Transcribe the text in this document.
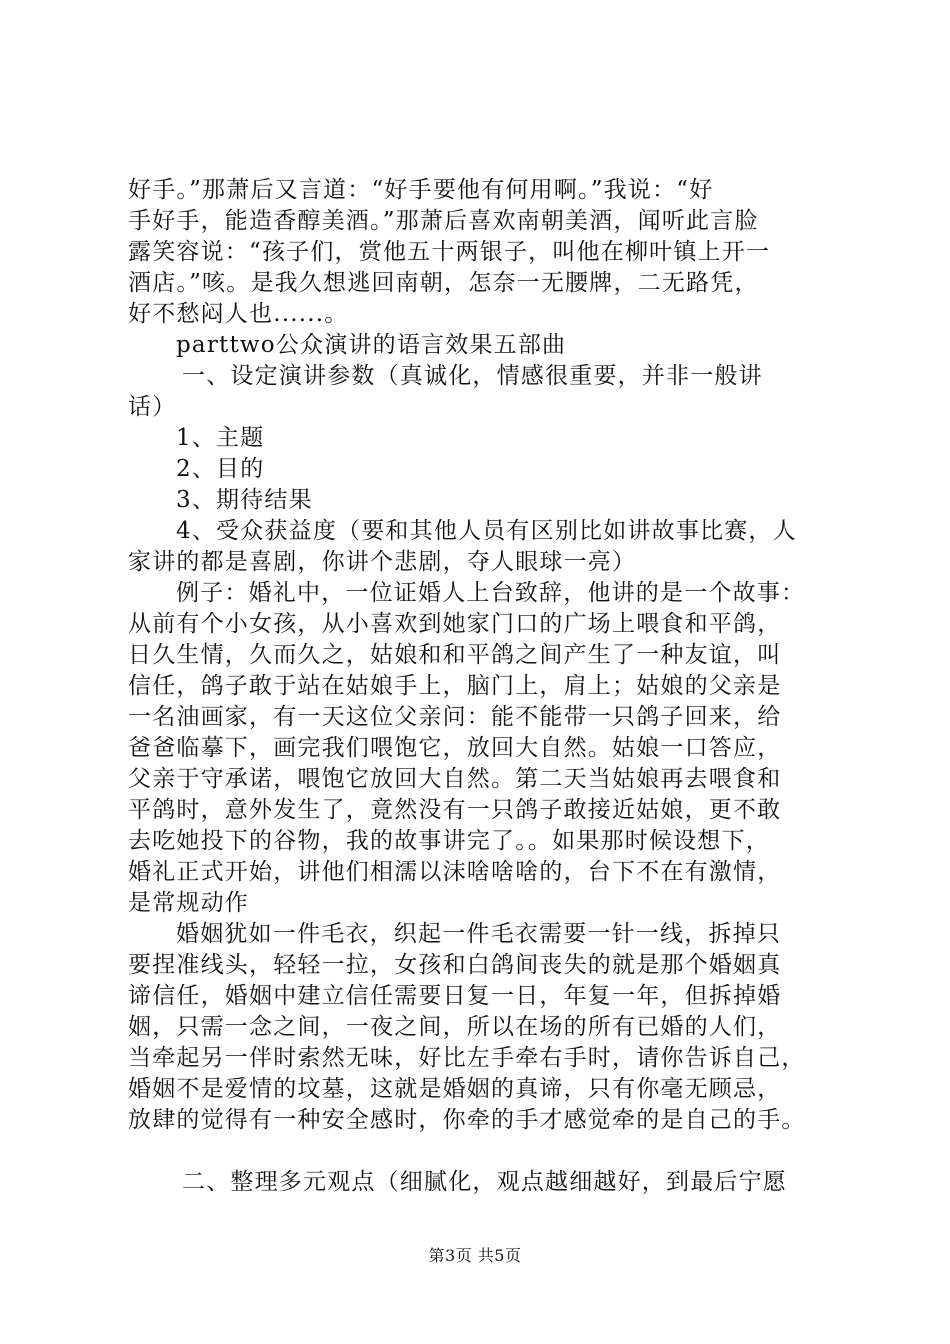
好手。”那萧后又言道：“好手要他有何用啊。”我说：“好
手好手，能造香醇美酒。”那萧后喜欢南朝美酒，闻听此言脸
露笑容说：“孩子们，赏他五十两银子，叫他在柳叶镇上开一
酒店。”咳。是我久想逃回南朝，怎奈一无腰牌，二无路凭，
好不愁闷人也......。
parttwo公众演讲的语言效果五部曲
一、设定演讲参数（真诚化，情感很重要，并非一般讲
话）
1、主题
2、目的
3、期待结果
4、受众获益度（要和其他人员有区别比如讲故事比赛，人
家讲的都是喜剧，你讲个悲剧，夺人眼球一亮）
例子：婚礼中，一位证婚人上台致辞，他讲的是一个故事：
从前有个小女孩，从小喜欢到她家门口的广场上喂食和平鸽，
日久生情，久而久之，姑娘和和平鸽之间产生了一种友谊，叫
信任，鸽子敢于站在姑娘手上，脑门上，肩上；姑娘的父亲是
一名油画家，有一天这位父亲问：能不能带一只鸽子回来，给
爸爸临摹下，画完我们喂饱它，放回大自然。姑娘一口答应，
父亲于守承诺，喂饱它放回大自然。第二天当姑娘再去喂食和
平鸽时，意外发生了，竟然没有一只鸽子敢接近姑娘，更不敢
去吃她投下的谷物，我的故事讲完了。。如果那时候设想下，
婚礼正式开始，讲他们相濡以沫啥啥啥的，台下不在有激情，
是常规动作
婚姻犹如一件毛衣，织起一件毛衣需要一针一线，拆掉只
要捏准线头，轻轻一拉，女孩和白鸽间丧失的就是那个婚姻真
谛信任，婚姻中建立信任需要日复一日，年复一年，但拆掉婚
姻，只需一念之间，一夜之间，所以在场的所有已婚的人们，
当牵起另一伴时索然无味，好比左手牵右手时，请你告诉自己，
婚姻不是爱情的坟墓，这就是婚姻的真谛，只有你毫无顾忌，
放肆的觉得有一种安全感时，你牵的手才感觉牵的是自己的手。
二、整理多元观点（细腻化，观点越细越好，到最后宁愿
第3页 共5页
